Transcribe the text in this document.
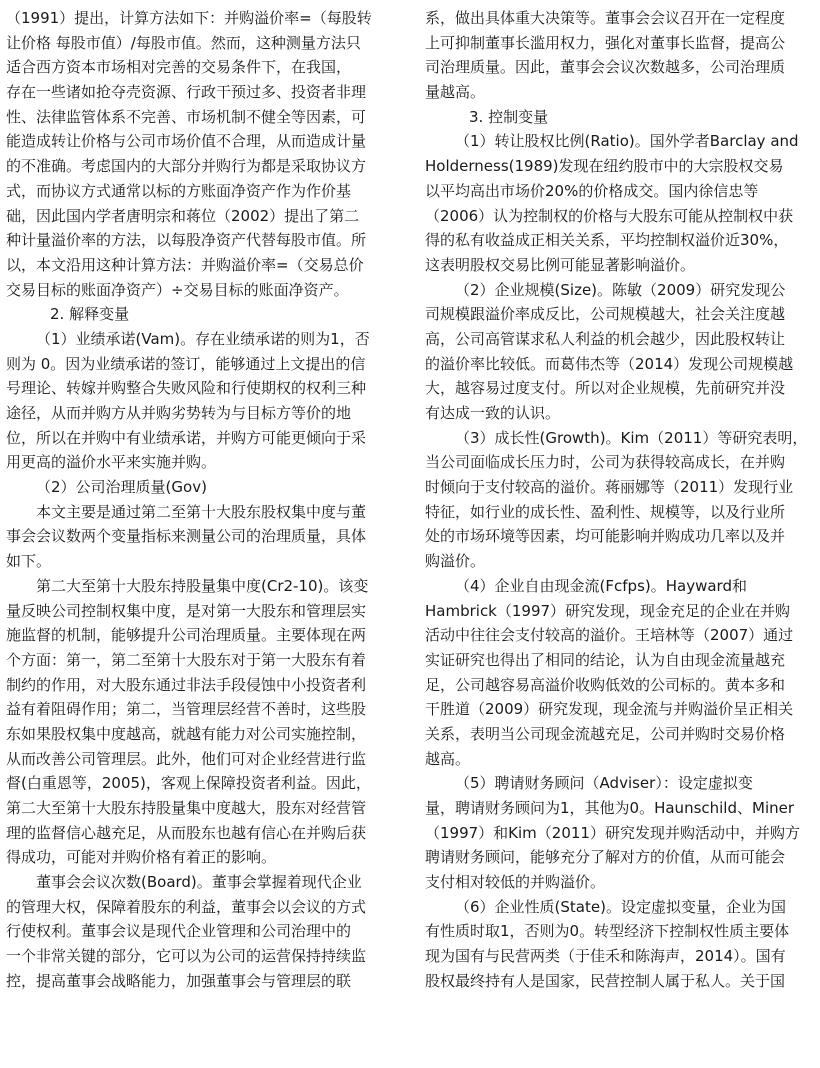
（1991）提出，计算方法如下：并购溢价率=（每股转

让价格 每股市值）/每股市值。然而，这种测量方法只

适合西方资本市场相对完善的交易条件下，在我国，

存在一些诸如抢夺壳资源、行政干预过多、投资者非理

性、法律监管体系不完善、市场机制不健全等因素，可

能造成转让价格与公司市场价值不合理，从而造成计量

的不准确。考虑国内的大部分并购行为都是采取协议方

式，而协议方式通常以标的方账面净资产作为作价基

础，因此国内学者唐明宗和蒋位（2002）提出了第二

种计量溢价率的方法，以每股净资产代替每股市值。所

以，本文沿用这种计算方法：并购溢价率=（交易总价

交易目标的账面净资产）÷交易目标的账面净资产。

2. 解释变量

（1）业绩承诺(Vam)。存在业绩承诺的则为1，否

则为 0。因为业绩承诺的签订，能够通过上文提出的信

号理论、转嫁并购整合失败风险和行使期权的权利三种

途径，从而并购方从并购劣势转为与目标方等价的地

位，所以在并购中有业绩承诺，并购方可能更倾向于采

用更高的溢价水平来实施并购。

（2）公司治理质量(Gov)

本文主要是通过第二至第十大股东股权集中度与董

事会会议数两个变量指标来测量公司的治理质量，具体

如下。

第二大至第十大股东持股量集中度(Cr2-10)。该变

量反映公司控制权集中度，是对第一大股东和管理层实

施监督的机制，能够提升公司治理质量。主要体现在两

个方面：第一，第二至第十大股东对于第一大股东有着

制约的作用，对大股东通过非法手段侵蚀中小投资者利

益有着阻碍作用；第二，当管理层经营不善时，这些股

东如果股权集中度越高，就越有能力对公司实施控制，

从而改善公司管理层。此外，他们可对企业经营进行监

督(白重恩等，2005)，客观上保障投资者利益。因此，

第二大至第十大股东持股量集中度越大，股东对经营管

理的监督信心越充足，从而股东也越有信心在并购后获

得成功，可能对并购价格有着正的影响。

董事会会议次数(Board)。董事会掌握着现代企业

的管理大权，保障着股东的利益，董事会以会议的方式

行使权利。董事会议是现代企业管理和公司治理中的

一个非常关键的部分，它可以为公司的运营保持持续监

控，提高董事会战略能力，加强董事会与管理层的联

系，做出具体重大决策等。董事会会议召开在一定程度

上可抑制董事长滥用权力，强化对董事长监督，提高公

司治理质量。因此，董事会会议次数越多，公司治理质

量越高。

3. 控制变量

（1）转让股权比例(Ratio)。国外学者Barclay and

Holderness(1989)发现在纽约股市中的大宗股权交易

以平均高出市场价20%的价格成交。国内徐信忠等

（2006）认为控制权的价格与大股东可能从控制权中获

得的私有收益成正相关关系，平均控制权溢价近30%，

这表明股权交易比例可能显著影响溢价。

（2）企业规模(Size)。陈敏（2009）研究发现公

司规模跟溢价率成反比，公司规模越大，社会关注度越

高，公司高管谋求私人利益的机会越少，因此股权转让

的溢价率比较低。而葛伟杰等（2014）发现公司规模越

大，越容易过度支付。所以对企业规模，先前研究并没

有达成一致的认识。

（3）成长性(Growth)。Kim（2011）等研究表明，

当公司面临成长压力时，公司为获得较高成长，在并购

时倾向于支付较高的溢价。蒋丽娜等（2011）发现行业

特征，如行业的成长性、盈利性、规模等，以及行业所

处的市场环境等因素，均可能影响并购成功几率以及并

购溢价。

（4）企业自由现金流(Fcfps)。Hayward和

Hambrick（1997）研究发现，现金充足的企业在并购

活动中往往会支付较高的溢价。王培林等（2007）通过

实证研究也得出了相同的结论，认为自由现金流量越充

足，公司越容易高溢价收购低效的公司标的。黄本多和

干胜道（2009）研究发现，现金流与并购溢价呈正相关

关系，表明当公司现金流越充足，公司并购时交易价格

越高。

（5）聘请财务顾问（Adviser）：设定虚拟变

量，聘请财务顾问为1，其他为0。Haunschild、Miner

（1997）和Kim（2011）研究发现并购活动中，并购方

聘请财务顾问，能够充分了解对方的价值，从而可能会

支付相对较低的并购溢价。

（6）企业性质(State)。设定虚拟变量，企业为国

有性质时取1，否则为0。转型经济下控制权性质主要体

现为国有与民营两类（于佳禾和陈海声，2014）。国有

股权最终持有人是国家，民营控制人属于私人。关于国
